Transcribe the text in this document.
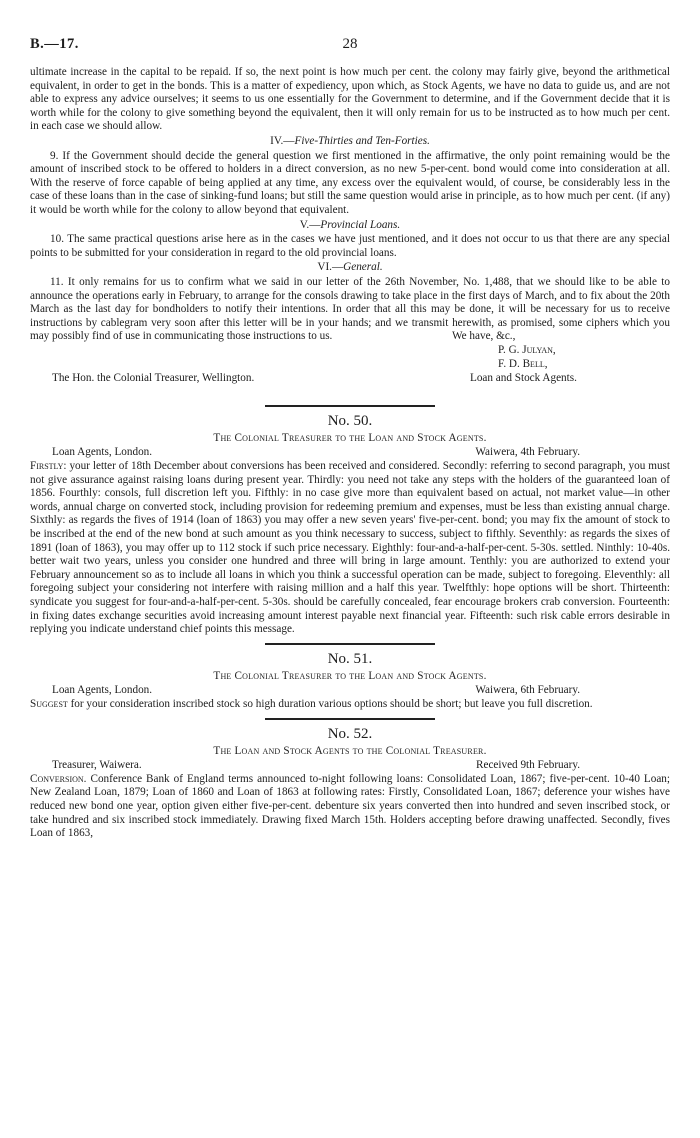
B.—17.	28

ultimate increase in the capital to be repaid. If so, the next point is how much per cent. the colony may fairly give, beyond the arithmetical equivalent, in order to get in the bonds. This is a matter of expediency, upon which, as Stock Agents, we have no data to guide us, and are not able to express any advice ourselves; it seems to us one essentially for the Government to determine, and if the Government decide that it is worth while for the colony to give something beyond the equivalent, then it will only remain for us to be instructed as to how much per cent. in each case we should allow.

IV.—Five-Thirties and Ten-Forties.

9. If the Government should decide the general question we first mentioned in the affirmative, the only point remaining would be the amount of inscribed stock to be offered to holders in a direct conversion, as no new 5-per-cent. bond would come into consideration at all. With the reserve of force capable of being applied at any time, any excess over the equivalent would, of course, be considerably less in the case of these loans than in the case of sinking-fund loans; but still the same question would arise in principle, as to how much per cent. (if any) it would be worth while for the colony to allow beyond that equivalent.

V.—Provincial Loans.

10. The same practical questions arise here as in the cases we have just mentioned, and it does not occur to us that there are any special points to be submitted for your consideration in regard to the old provincial loans.

VI.—General.

11. It only remains for us to confirm what we said in our letter of the 26th November, No. 1,488, that we should like to be able to announce the operations early in February, to arrange for the consols drawing to take place in the first days of March, and to fix about the 20th March as the last day for bondholders to notify their intentions. In order that all this may be done, it will be necessary for us to receive instructions by cablegram very soon after this letter will be in your hands; and we transmit herewith, as promised, some ciphers which you may possibly find of use in communicating those instructions to us.	We have, &c.,
P. G. Julyan,
F. D. Bell,
The Hon. the Colonial Treasurer, Wellington.	Loan and Stock Agents.
No. 50.
The Colonial Treasurer to the Loan and Stock Agents.
Loan Agents, London.	Waiwera, 4th February.

Firstly: your letter of 18th December about conversions has been received and considered. Secondly: referring to second paragraph, you must not give assurance against raising loans during present year. Thirdly: you need not take any steps with the holders of the guaranteed loan of 1856. Fourthly: consols, full discretion left you. Fifthly: in no case give more than equivalent based on actual, not market value—in other words, annual charge on converted stock, including provision for redeeming premium and expenses, must be less than existing annual charge. Sixthly: as regards the fives of 1914 (loan of 1863) you may offer a new seven years' five-per-cent. bond; you may fix the amount of stock to be inscribed at the end of the new bond at such amount as you think necessary to success, subject to fifthly. Seventhly: as regards the sixes of 1891 (loan of 1863), you may offer up to 112 stock if such price necessary. Eighthly: four-and-a-half-per-cent. 5-30s. settled. Ninthly: 10-40s. better wait two years, unless you consider one hundred and three will bring in large amount. Tenthly: you are authorized to extend your February announcement so as to include all loans in which you think a successful operation can be made, subject to foregoing. Eleventhly: all foregoing subject your considering not interfere with raising million and a half this year. Twelfthly: hope options will be short. Thirteenth: syndicate you suggest for four-and-a-half-per-cent. 5-30s. should be carefully concealed, fear encourage brokers crab conversion. Fourteenth: in fixing dates exchange securities avoid increasing amount interest payable next financial year. Fifteenth: such risk cable errors desirable in replying you indicate understand chief points this message.

No. 51.
The Colonial Treasurer to the Loan and Stock Agents.
Loan Agents, London.	Waiwera, 6th February.

Suggest for your consideration inscribed stock so high duration various options should be short; but leave you full discretion.

No. 52.
The Loan and Stock Agents to the Colonial Treasurer.
Treasurer, Waiwera.	Received 9th February.

Conversion. Conference Bank of England terms announced to-night following loans: Consolidated Loan, 1867; five-per-cent. 10-40 Loan; New Zealand Loan, 1879; Loan of 1860 and Loan of 1863 at following rates: Firstly, Consolidated Loan, 1867; deference your wishes have reduced new bond one year, option given either five-per-cent. debenture six years converted then into hundred and seven inscribed stock, or take hundred and six inscribed stock immediately. Drawing fixed March 15th. Holders accepting before drawing unaffected. Secondly, fives Loan of 1863,
